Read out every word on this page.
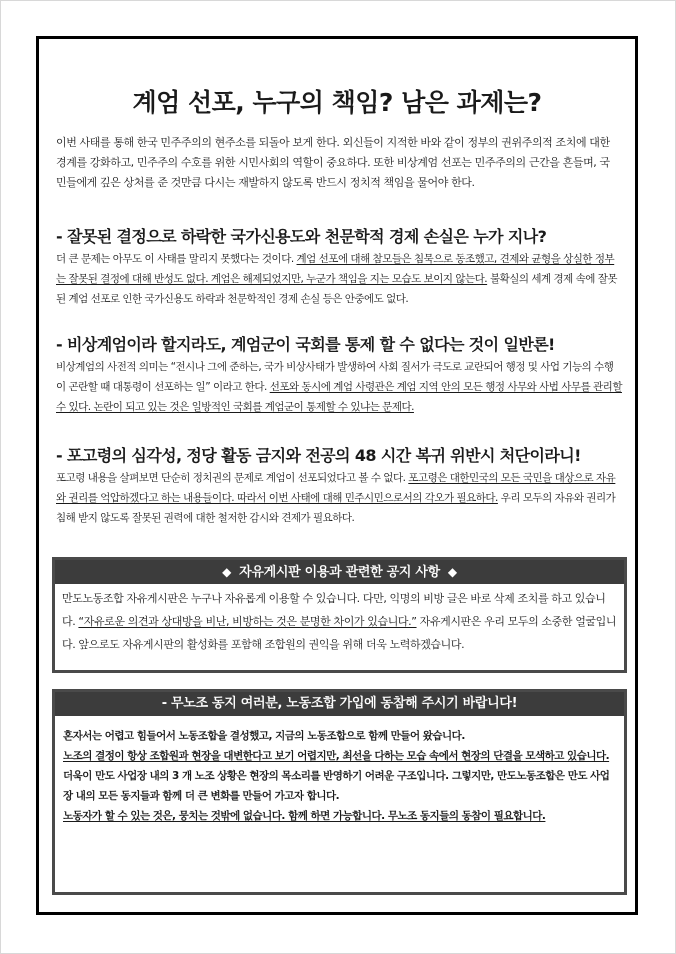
계엄 선포, 누구의 책임? 남은 과제는?

이번 사태를 통해 한국 민주주의의 현주소를 되돌아 보게 한다. 외신들이 지적한 바와 같이 정부의 권위주의적 조치에 대한 경계를 강화하고, 민주주의 수호를 위한 시민사회의 역할이 중요하다. 또한 비상계엄 선포는 민주주의의 근간을 흔들며, 국민들에게 깊은 상처를 준 것만큼 다시는 재발하지 않도록 반드시 정치적 책임을 물어야 한다.

- 잘못된 결정으로 하락한 국가신용도와 천문학적 경제 손실은 누가 지나?

더 큰 문제는 아무도 이 사태를 말리지 못했다는 것이다. 계엄 선포에 대해 참모들은 침묵으로 동조했고, 견제와 균형을 상실한 정부는 잘못된 결정에 대해 반성도 없다. 계엄은 해제되었지만, 누군가 책임을 지는 모습도 보이지 않는다. 불확실의 세계 경제 속에 잘못된 계엄 선포로 인한 국가신용도 하락과 천문학적인 경제 손실 등은 안중에도 없다.

- 비상계엄이라 할지라도, 계엄군이 국회를 통제 할 수 없다는 것이 일반론!

비상계엄의 사전적 의미는 “전시나 그에 준하는, 국가 비상사태가 발생하여 사회 질서가 극도로 교란되어 행정 및 사업 기능의 수행이 곤란할 때 대통령이 선포하는 일” 이라고 한다. 선포와 동시에 계엄 사령관은 계엄 지역 안의 모든 행정 사무와 사법 사무를 관리할 수 있다. 논란이 되고 있는 것은 일방적인 국회를 계엄군이 통제할 수 있냐는 문제다.

- 포고령의 심각성, 정당 활동 금지와 전공의 48 시간 복귀 위반시 처단이라니!

포고령 내용을 살펴보면 단순히 정치권의 문제로 계엄이 선포되었다고 볼 수 없다. 포고령은 대한민국의 모든 국민을 대상으로 자유와 권리를 억압하겠다고 하는 내용들이다. 따라서 이번 사태에 대해 민주시민으로서의 각오가 필요하다. 우리 모두의 자유와 권리가 침해 받지 않도록 잘못된 권력에 대한 철저한 감시와 견제가 필요하다.

◆ 자유게시판 이용과 관련한 공지 사항 ◆
만도노동조합 자유게시판은 누구나 자유롭게 이용할 수 있습니다. 다만, 익명의 비방 글은 바로 삭제 조치를 하고 있습니다. “자유로운 의견과 상대방을 비난, 비방하는 것은 분명한 차이가 있습니다.” 자유게시판은 우리 모두의 소중한 얼굴입니다. 앞으로도 자유게시판의 활성화를 포함해 조합원의 권익을 위해 더욱 노력하겠습니다.
- 무노조 동지 여러분, 노동조합 가입에 동참해 주시기 바랍니다!

혼자서는 어렵고 힘들어서 노동조합을 결성했고, 지금의 노동조합으로 함께 만들어 왔습니다.

노조의 결정이 항상 조합원과 현장을 대변한다고 보기 어렵지만, 최선을 다하는 모습 속에서 현장의 단결을 모색하고 있습니다.

더욱이 만도 사업장 내의 3 개 노조 상황은 현장의 목소리를 반영하기 어려운 구조입니다. 그렇지만, 만도노동조합은 만도 사업장 내의 모든 동지들과 함께 더 큰 변화를 만들어 가고자 합니다.

노동자가 할 수 있는 것은, 뭉치는 것밖에 없습니다. 함께 하면 가능합니다. 무노조 동지들의 동참이 필요합니다.
